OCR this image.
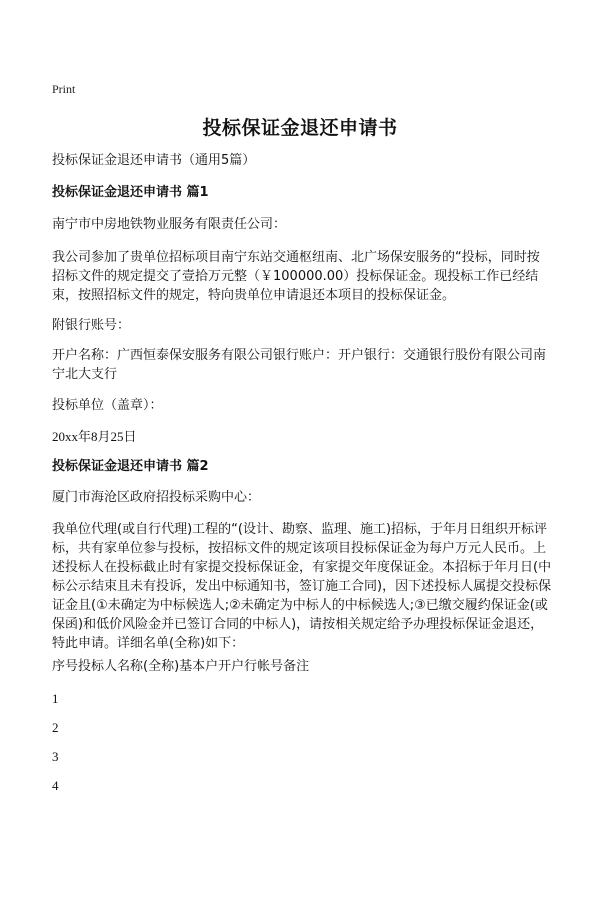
Print
投标保证金退还申请书
投标保证金退还申请书（通用5篇）
投标保证金退还申请书 篇1
南宁市中房地铁物业服务有限责任公司：
我公司参加了贵单位招标项目南宁东站交通枢纽南、北广场保安服务的“投标，同时按招标文件的规定提交了壹拾万元整（￥100000.00）投标保证金。现投标工作已经结束，按照招标文件的规定，特向贵单位申请退还本项目的投标保证金。
附银行账号：
开户名称：广西恒泰保安服务有限公司银行账户：开户银行：交通银行股份有限公司南宁北大支行
投标单位（盖章）：
20xx年8月25日
投标保证金退还申请书 篇2
厦门市海沧区政府招投标采购中心：
我单位代理(或自行代理)工程的“(设计、勘察、监理、施工)招标，于年月日组织开标评标，共有家单位参与投标，按招标文件的规定该项目投标保证金为每户万元人民币。上述投标人在投标截止时有家提交投标保证金，有家提交年度保证金。本招标于年月日(中标公示结束且未有投诉，发出中标通知书，签订施工合同)，因下述投标人属提交投标保证金且(①未确定为中标候选人;②未确定为中标人的中标候选人;③已缴交履约保证金(或保函)和低价风险金并已签订合同的中标人)，请按相关规定给予办理投标保证金退还，特此申请。详细名单(全称)如下：
序号投标人名称(全称)基本户开户行帐号备注
1
2
3
4
